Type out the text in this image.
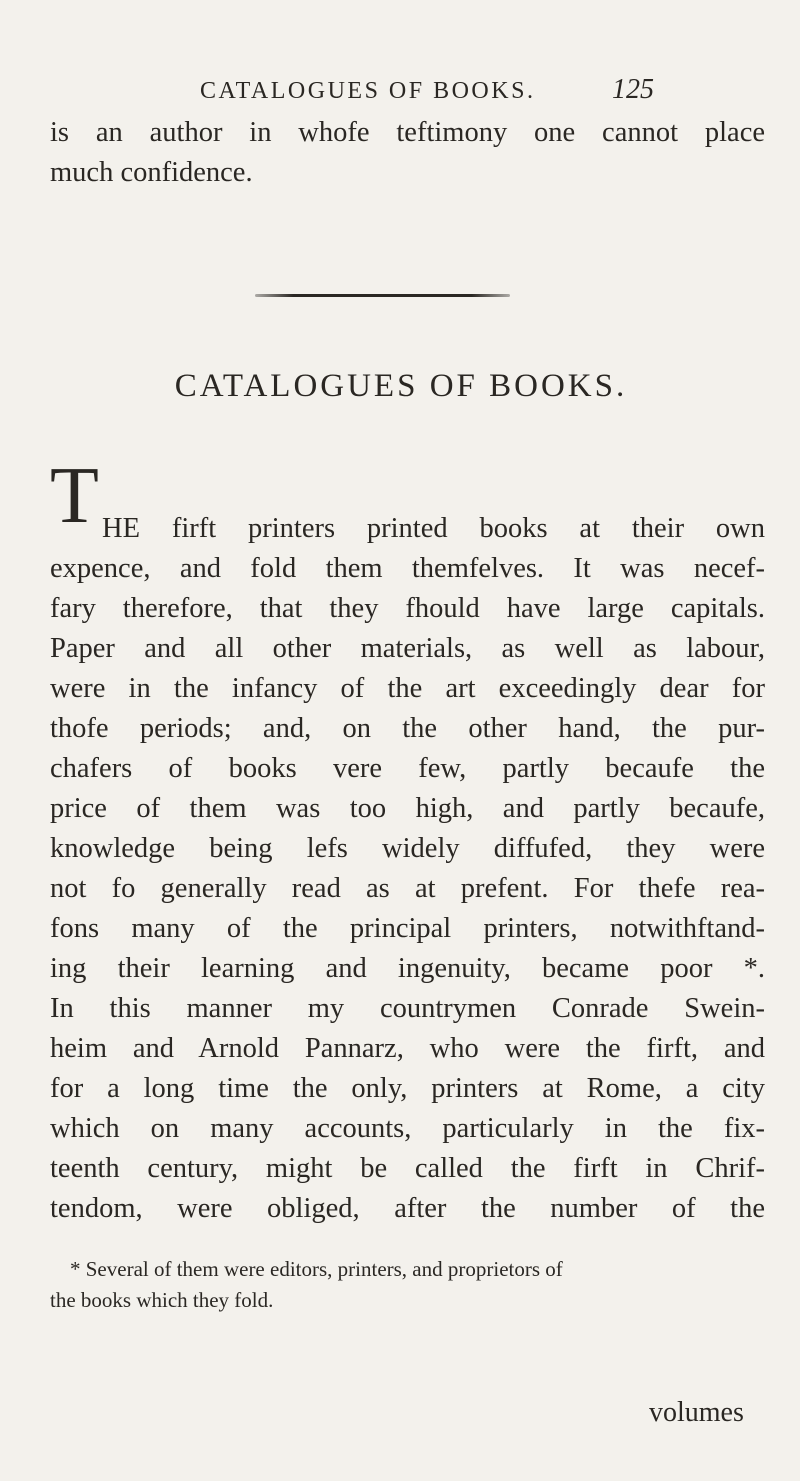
CATALOGUES OF BOOKS.	125
is an author in whofe teftimony one cannot place
much confidence.
CATALOGUES OF BOOKS.
T HE firft printers printed books at their own
expence, and fold them themfelves. It was necef-
fary therefore, that they fhould have large capitals.
Paper and all other materials, as well as labour,
were in the infancy of the art exceedingly dear for
thofe periods; and, on the other hand, the pur-
chafers of books vere few, partly becaufe the
price of them was too high, and partly becaufe,
knowledge being lefs widely diffufed, they were
not fo generally read as at prefent. For thefe rea-
fons many of the principal printers, notwithftand-
ing their learning and ingenuity, became poor *.
In this manner my countrymen Conrade Swein-
heim and Arnold Pannarz, who were the firft, and
for a long time the only, printers at Rome, a city
which on many accounts, particularly in the fix-
teenth century, might be called the firft in Chrif-
tendom, were obliged, after the number of the
* Several of them were editors, printers, and proprietors of
the books which they fold.
volumes
